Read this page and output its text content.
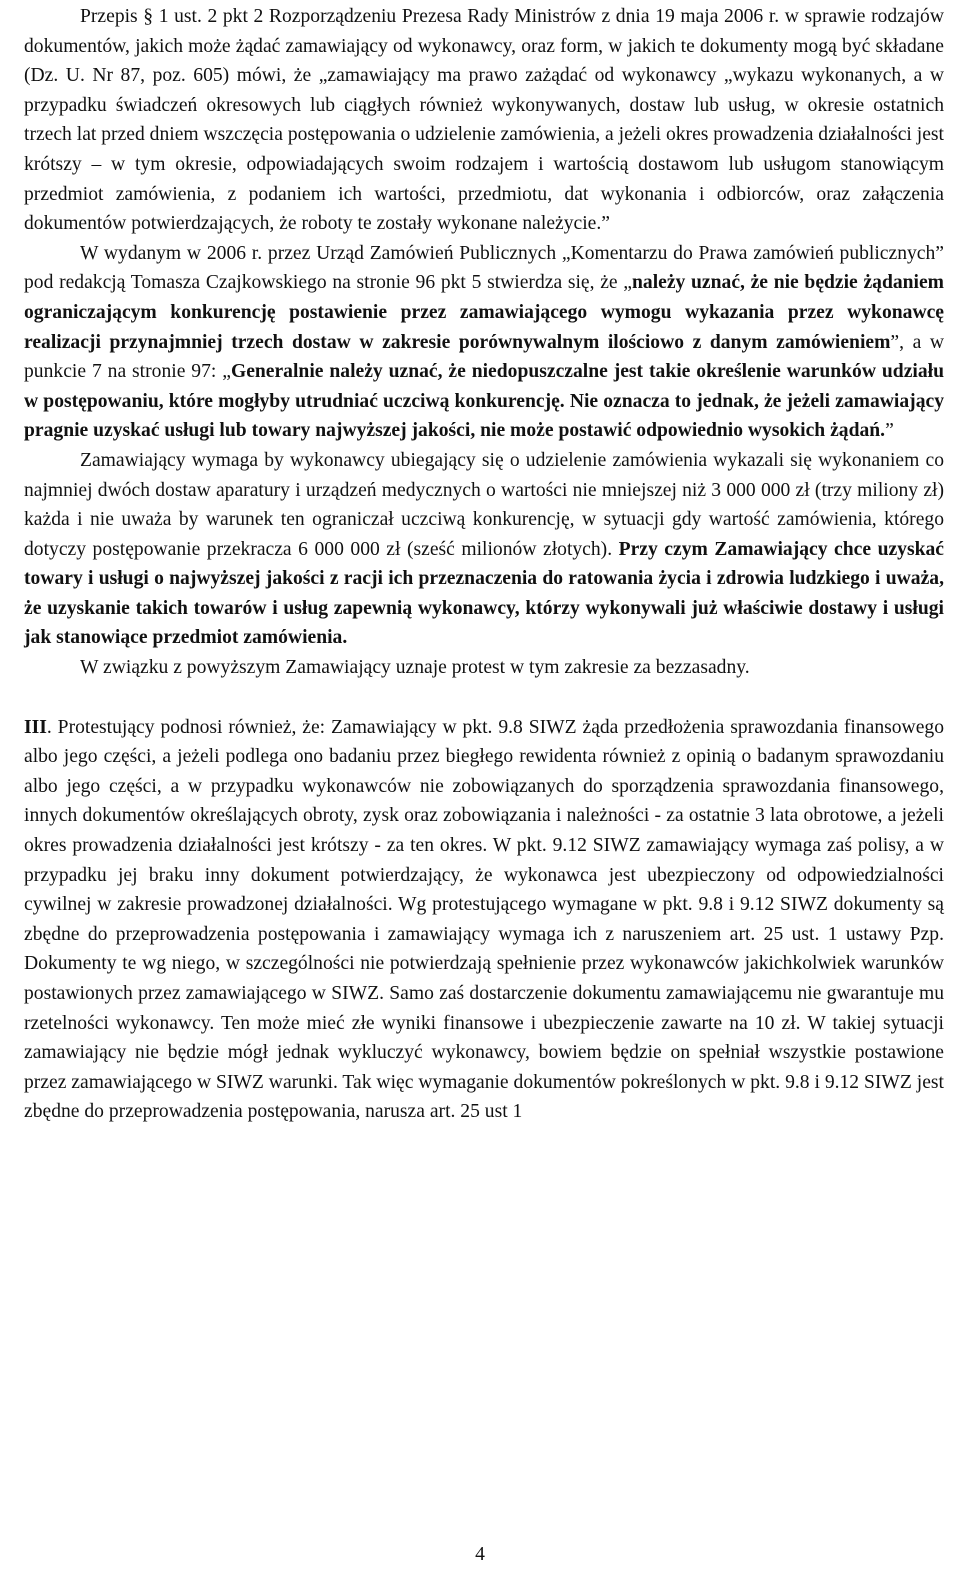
Przepis § 1 ust. 2 pkt 2 Rozporządzeniu Prezesa Rady Ministrów z dnia 19 maja 2006 r. w sprawie rodzajów dokumentów, jakich może żądać zamawiający od wykonawcy, oraz form, w jakich te dokumenty mogą być składane (Dz. U. Nr 87, poz. 605) mówi, że „zamawiający ma prawo zażądać od wykonawcy „wykazu wykonanych, a w przypadku świadczeń okresowych lub ciągłych również wykonywanych, dostaw lub usług, w okresie ostatnich trzech lat przed dniem wszczęcia postępowania o udzielenie zamówienia, a jeżeli okres prowadzenia działalności jest krótszy – w tym okresie, odpowiadających swoim rodzajem i wartością dostawom lub usługom stanowiącym przedmiot zamówienia, z podaniem ich wartości, przedmiotu, dat wykonania i odbiorców, oraz załączenia dokumentów potwierdzających, że roboty te zostały wykonane należycie.”

W wydanym w 2006 r. przez Urząd Zamówień Publicznych „Komentarzu do Prawa zamówień publicznych” pod redakcją Tomasza Czajkowskiego na stronie 96 pkt 5 stwierdza się, że „należy uznać, że nie będzie żądaniem ograniczającym konkurencję postawienie przez zamawiającego wymogu wykazania przez wykonawcę realizacji przynajmniej trzech dostaw w zakresie porównywalnym ilościowo z danym zamówieniem”, a w punkcie 7 na stronie 97: „Generalnie należy uznać, że niedopuszczalne jest takie określenie warunków udziału w postępowaniu, które mogłyby utrudniać uczciwą konkurencję. Nie oznacza to jednak, że jeżeli zamawiający pragnie uzyskać usługi lub towary najwyższej jakości, nie może postawić odpowiednio wysokich żądań.”

Zamawiający wymaga by wykonawcy ubiegający się o udzielenie zamówienia wykazali się wykonaniem co najmniej dwóch dostaw aparatury i urządzeń medycznych o wartości nie mniejszej niż 3 000 000 zł (trzy miliony zł) każda i nie uważa by warunek ten ograniczał uczciwą konkurencję, w sytuacji gdy wartość zamówienia, którego dotyczy postępowanie przekracza 6 000 000 zł (sześć milionów złotych). Przy czym Zamawiający chce uzyskać towary i usługi o najwyższej jakości z racji ich przeznaczenia do ratowania życia i zdrowia ludzkiego i uważa, że uzyskanie takich towarów i usług zapewnią wykonawcy, którzy wykonywali już właściwie dostawy i usługi jak stanowiące przedmiot zamówienia.

W związku z powyższym Zamawiający uznaje protest w tym zakresie za bezzasadny.

III. Protestujący podnosi również, że: Zamawiający w pkt. 9.8 SIWZ żąda przedłożenia sprawozdania finansowego albo jego części, a jeżeli podlega ono badaniu przez biegłego rewidenta również z opinią o badanym sprawozdaniu albo jego części, a w przypadku wykonawców nie zobowiązanych do sporządzenia sprawozdania finansowego, innych dokumentów określających obroty, zysk oraz zobowiązania i należności - za ostatnie 3 lata obrotowe, a jeżeli okres prowadzenia działalności jest krótszy - za ten okres. W pkt. 9.12 SIWZ zamawiający wymaga zaś polisy, a w przypadku jej braku inny dokument potwierdzający, że wykonawca jest ubezpieczony od odpowiedzialności cywilnej w zakresie prowadzonej działalności. Wg protestującego wymagane w pkt. 9.8 i 9.12 SIWZ dokumenty są zbędne do przeprowadzenia postępowania i zamawiający wymaga ich z naruszeniem art. 25 ust. 1 ustawy Pzp. Dokumenty te wg niego, w szczególności nie potwierdzają spełnienie przez wykonawców jakichkolwiek warunków postawionych przez zamawiającego w SIWZ. Samo zaś dostarczenie dokumentu zamawiającemu nie gwarantuje mu rzetelności wykonawcy. Ten może mieć złe wyniki finansowe i ubezpieczenie zawarte na 10 zł. W takiej sytuacji zamawiający nie będzie mógł jednak wykluczyć wykonawcy, bowiem będzie on spełniał wszystkie postawione przez zamawiającego w SIWZ warunki. Tak więc wymaganie dokumentów pokreślonych w pkt. 9.8 i 9.12 SIWZ jest zbędne do przeprowadzenia postępowania, narusza art. 25 ust 1

4
